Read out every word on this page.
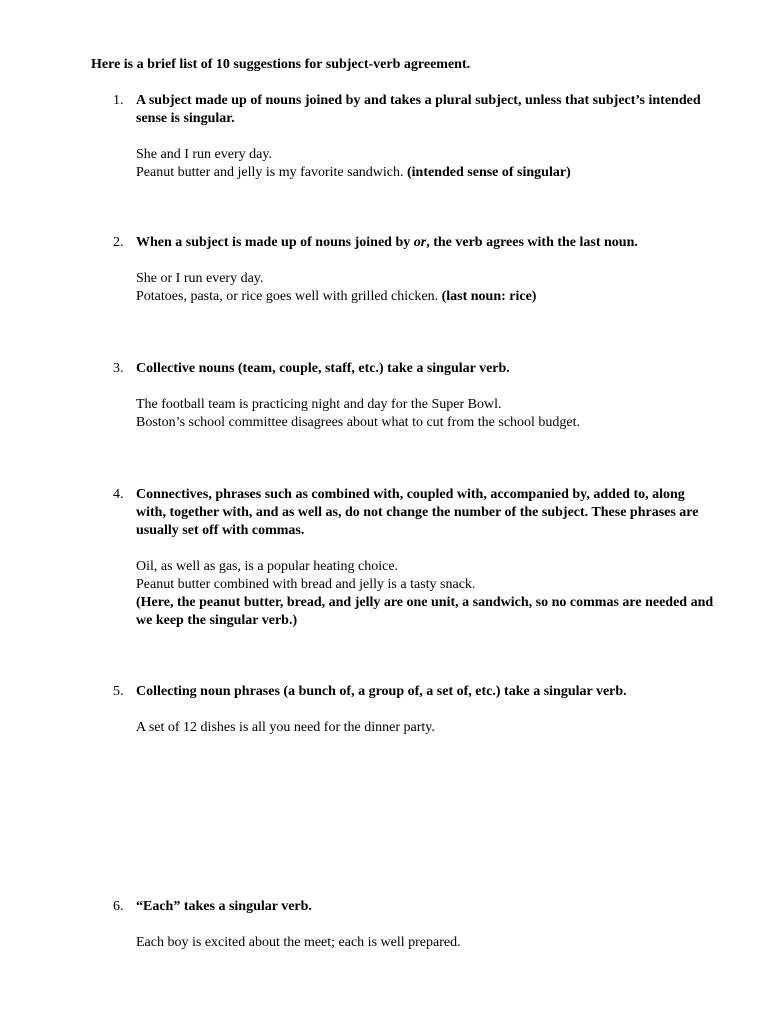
Here is a brief list of 10 suggestions for subject-verb agreement.
1. A subject made up of nouns joined by and takes a plural subject, unless that subject’s intended sense is singular.
She and I run every day.
Peanut butter and jelly is my favorite sandwich. (intended sense of singular)
2. When a subject is made up of nouns joined by or, the verb agrees with the last noun.
She or I run every day.
Potatoes, pasta, or rice goes well with grilled chicken. (last noun: rice)
3. Collective nouns (team, couple, staff, etc.) take a singular verb.
The football team is practicing night and day for the Super Bowl.
Boston’s school committee disagrees about what to cut from the school budget.
4. Connectives, phrases such as combined with, coupled with, accompanied by, added to, along with, together with, and as well as, do not change the number of the subject. These phrases are usually set off with commas.
Oil, as well as gas, is a popular heating choice.
Peanut butter combined with bread and jelly is a tasty snack.
(Here, the peanut butter, bread, and jelly are one unit, a sandwich, so no commas are needed and we keep the singular verb.)
5. Collecting noun phrases (a bunch of, a group of, a set of, etc.) take a singular verb.
A set of 12 dishes is all you need for the dinner party.
6. “Each” takes a singular verb.
Each boy is excited about the meet; each is well prepared.
